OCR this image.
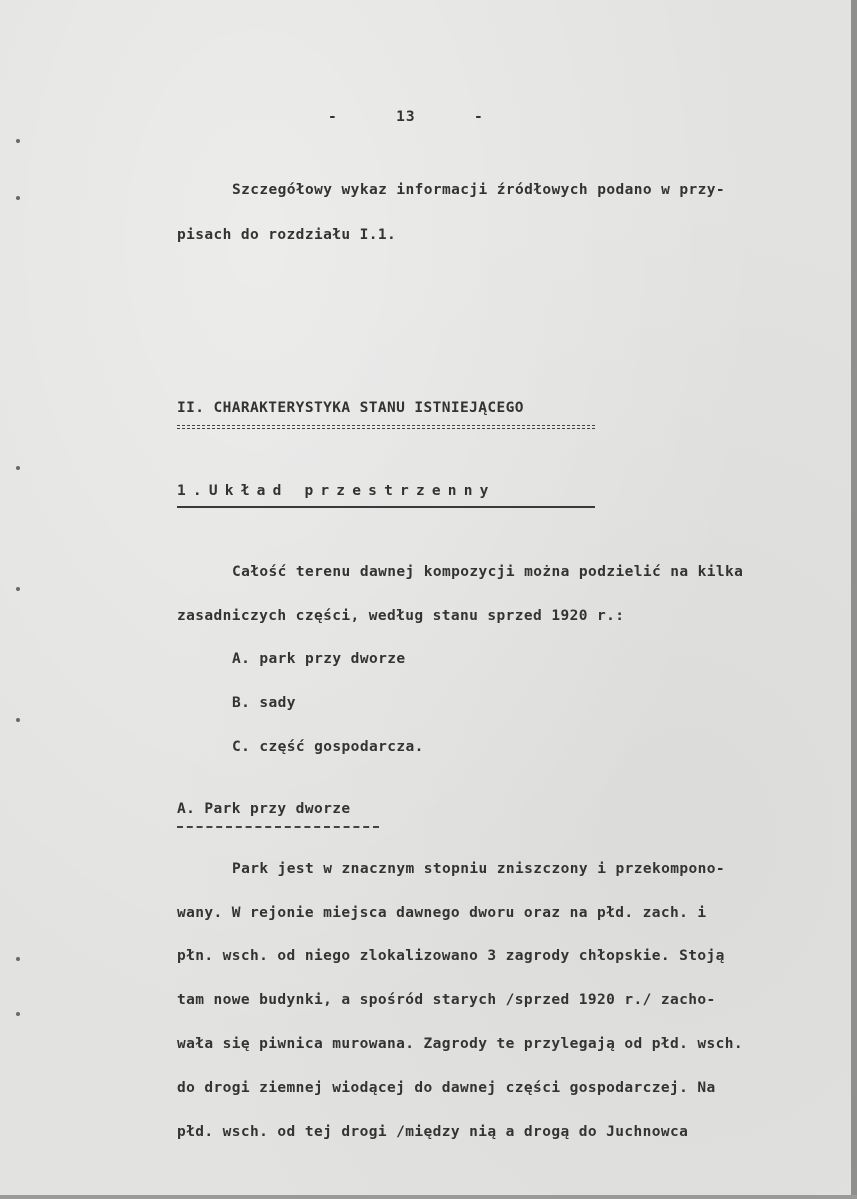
-      13      -
Szczegółowy wykaz informacji źródłowych podano w przy-
pisach do rozdziału I.1.
II. CHARAKTERYSTYKA STANU ISTNIEJĄCEGO
1.Układ przestrzenny
Całość terenu dawnej kompozycji można podzielić na kilka
zasadniczych części, według stanu sprzed 1920 r.:
A. park przy dworze
B. sady
C. część gospodarcza.
A. Park przy dworze
Park jest w znacznym stopniu zniszczony i przekompono-
wany. W rejonie miejsca dawnego dworu oraz na płd. zach. i
płn. wsch. od niego zlokalizowano 3 zagrody chłopskie. Stoją
tam nowe budynki, a spośród starych /sprzed 1920 r./ zacho-
wała się piwnica murowana. Zagrody te przylegają od płd. wsch.
do drogi ziemnej wiodącej do dawnej części gospodarczej. Na
płd. wsch. od tej drogi /między nią a drogą do Juchnowca
